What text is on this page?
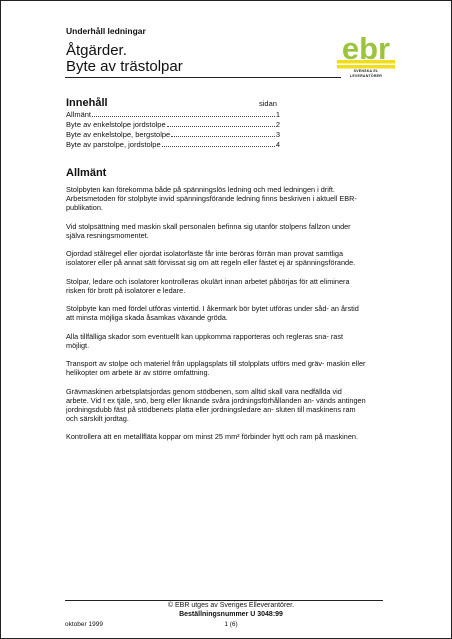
Underhåll ledningar
Åtgärder.
Byte av trästolpar
ebr
SVENSKA EL
LEVERANTÖRER
Innehåll	sidan
Allmänt	1
Byte av enkelstolpe jordstolpe	2
Byte av enkelstolpe, bergstolpe	3
Byte av parstolpe, jordstolpe	4
Allmänt

Stolpbyten kan förekomma både på spänningslös ledning och med ledningen i drift. Arbetsmetoden för stolpbyte invid spänningsförande ledning finns beskriven i aktuell EBR- publikation.

Vid stolpsättning med maskin skall personalen befinna sig utanför stolpens fallzon under själva resningsmomentet.

Ojordad stålregel eller ojordat isolatorfäste får inte beröras förrän man provat samtliga isolatorer eller på annat sätt förvissat sig om att regeln eller fästet ej är spänningsförande.

Stolpar, ledare och isolatorer kontrolleras okulärt innan arbetet påbörjas för att eliminera risken för brott på isolatorer e ledare.

Stolpbyte kan med fördel utföras vintertid. I åkermark bör bytet utföras under såd- an årstid att minsta möjliga skada åsamkas växande gröda.

Alla tillfälliga skador som eventuellt kan uppkomma rapporteras och regleras sna- rast möjligt.

Transport av stolpe och materiel från upplagsplats till stolpplats utförs med gräv- maskin eller helikopter om arbete är av större omfattning.

Grävmaskinen arbetsplatsjordas genom stödbenen, som alltid skall vara nedfällda vid arbete. Vid t ex tjäle, snö, berg eller liknande svåra jordningsförhållanden an- vänds antingen jordningsdubb fäst på stödbenets platta eller jordningsledare an- sluten till maskinens ram och särskilt jordtag.

Kontrollera att en metallfläta koppar om minst 25 mm² förbinder hytt och ram på maskinen.

© EBR utges av Sveriges Elleverantörer.
Beställningsnummer U 3048:99
oktober 1999	1 (6)
